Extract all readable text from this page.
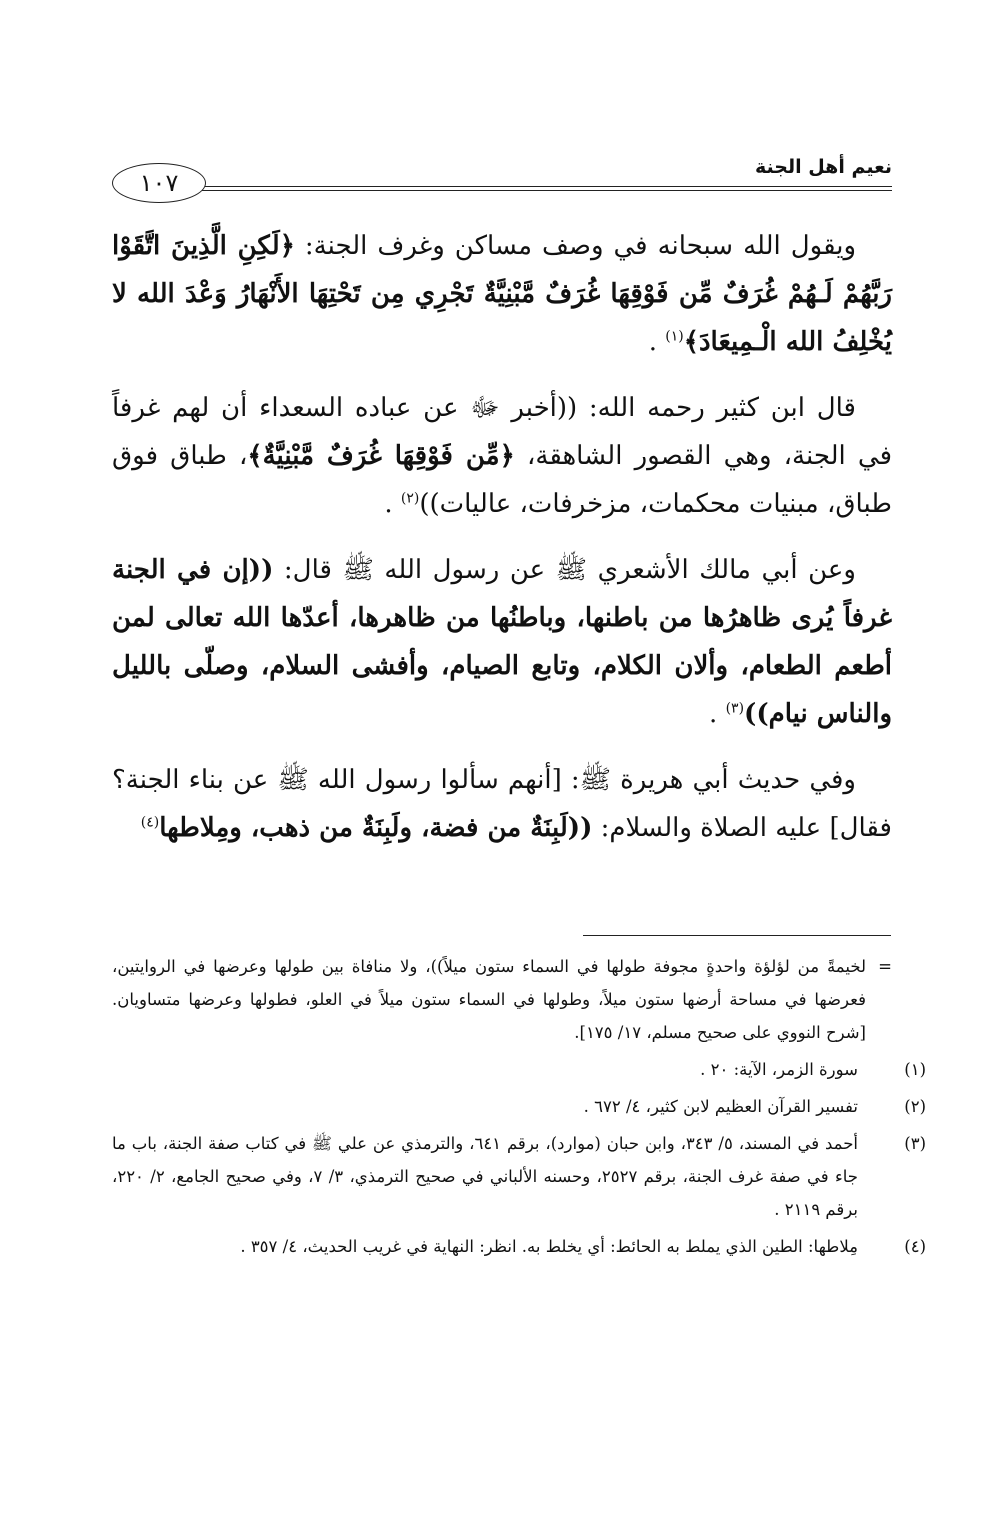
نعيم أهل الجنة
١٠٧

ويقول الله سبحانه في وصف مساكن وغرف الجنة: ﴿لَكِنِ الَّذِينَ اتَّقَوْا رَبَّهُمْ لَـهُمْ غُرَفٌ مِّن فَوْقِهَا غُرَفٌ مَّبْنِيَّةٌ تَجْرِي مِن تَحْتِهَا الأَنْهَارُ وَعْدَ الله لا يُخْلِفُ الله الْـمِيعَادَ﴾$^{(١)}$ .

قال ابن كثير رحمه الله: ((أخبر ﷻ عن عباده السعداء أن لهم غرفاً في الجنة، وهي القصور الشاهقة، ﴿مِّن فَوْقِهَا غُرَفٌ مَّبْنِيَّةٌ﴾، طباق فوق طباق، مبنيات محكمات، مزخرفات، عاليات))$^{(٢)}$ .

وعن أبي مالك الأشعري ﷺ عن رسول الله ﷺ قال: ((إن في الجنة غرفاً يُرى ظاهرُها من باطنها، وباطنُها من ظاهرها، أعدّها الله تعالى لمن أطعم الطعام، وألان الكلام، وتابع الصيام، وأفشى السلام، وصلّى بالليل والناس نيام))$^{(٣)}$ .

وفي حديث أبي هريرة ﷺ: [أنهم سألوا رسول الله ﷺ عن بناء الجنة؟ فقال] عليه الصلاة والسلام: ((لَبِنَةٌ من فضة، ولَبِنَةٌ من ذهب، ومِلاطها$^{(٤)}$

=
لخيمةً من لؤلؤة واحدةٍ مجوفة طولها في السماء ستون ميلاً))، ولا منافاة بين طولها وعرضها في الروايتين، فعرضها في مساحة أرضها ستون ميلاً، وطولها في السماء ستون ميلاً في العلو، فطولها وعرضها متساويان. [شرح النووي على صحيح مسلم، ١٧/ ١٧٥].

(١)سورة الزمر، الآية: ٢٠ .

(٢)تفسير القرآن العظيم لابن كثير، ٤/ ٦٧٢ .

(٣)أحمد في المسند، ٥/ ٣٤٣، وابن حبان (موارد)، برقم ٦٤١، والترمذي عن علي ﷺ في كتاب صفة الجنة، باب ما جاء في صفة غرف الجنة، برقم ٢٥٢٧، وحسنه الألباني في صحيح الترمذي، ٣/ ٧، وفي صحيح الجامع، ٢/ ٢٢٠، برقم ٢١١٩ .

(٤)مِلاطها: الطين الذي يملط به الحائط: أي يخلط به. انظر: النهاية في غريب الحديث، ٤/ ٣٥٧ .
